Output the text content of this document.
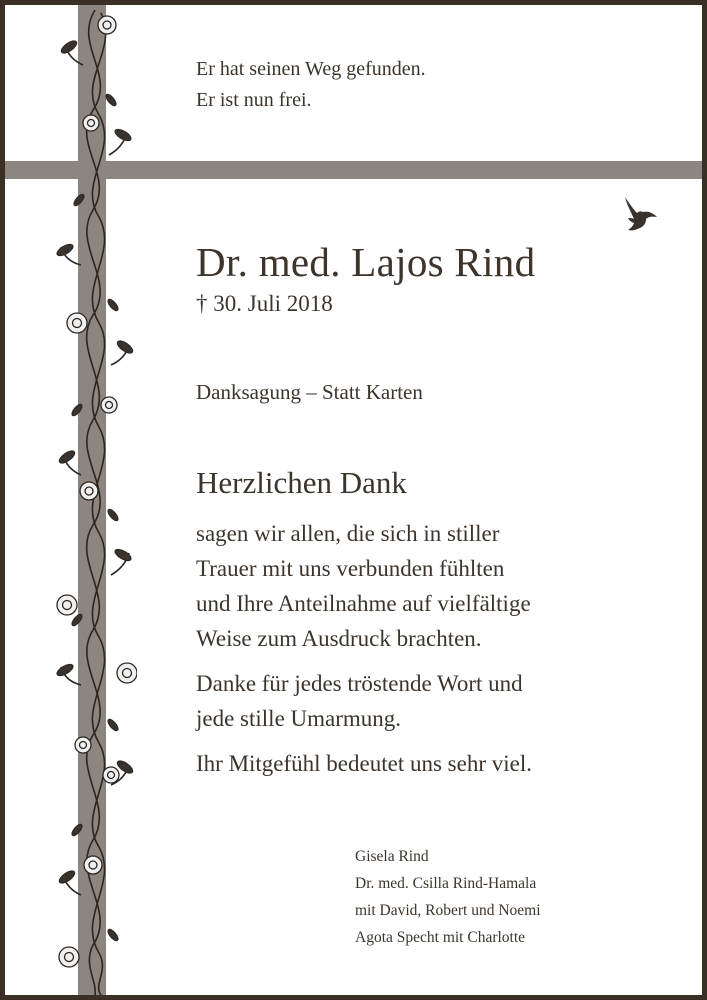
Er hat seinen Weg gefunden.
Er ist nun frei.
Dr. med. Lajos Rind
† 30. Juli 2018
Danksagung – Statt Karten
Herzlichen Dank

sagen wir allen, die sich in stiller
Trauer mit uns verbunden fühlten
und Ihre Anteilnahme auf vielfältige
Weise zum Ausdruck brachten.

Danke für jedes tröstende Wort und
jede stille Umarmung.

Ihr Mitgefühl bedeutet uns sehr viel.

Gisela Rind
Dr. med. Csilla Rind-Hamala
mit David, Robert und Noemi
Agota Specht mit Charlotte
